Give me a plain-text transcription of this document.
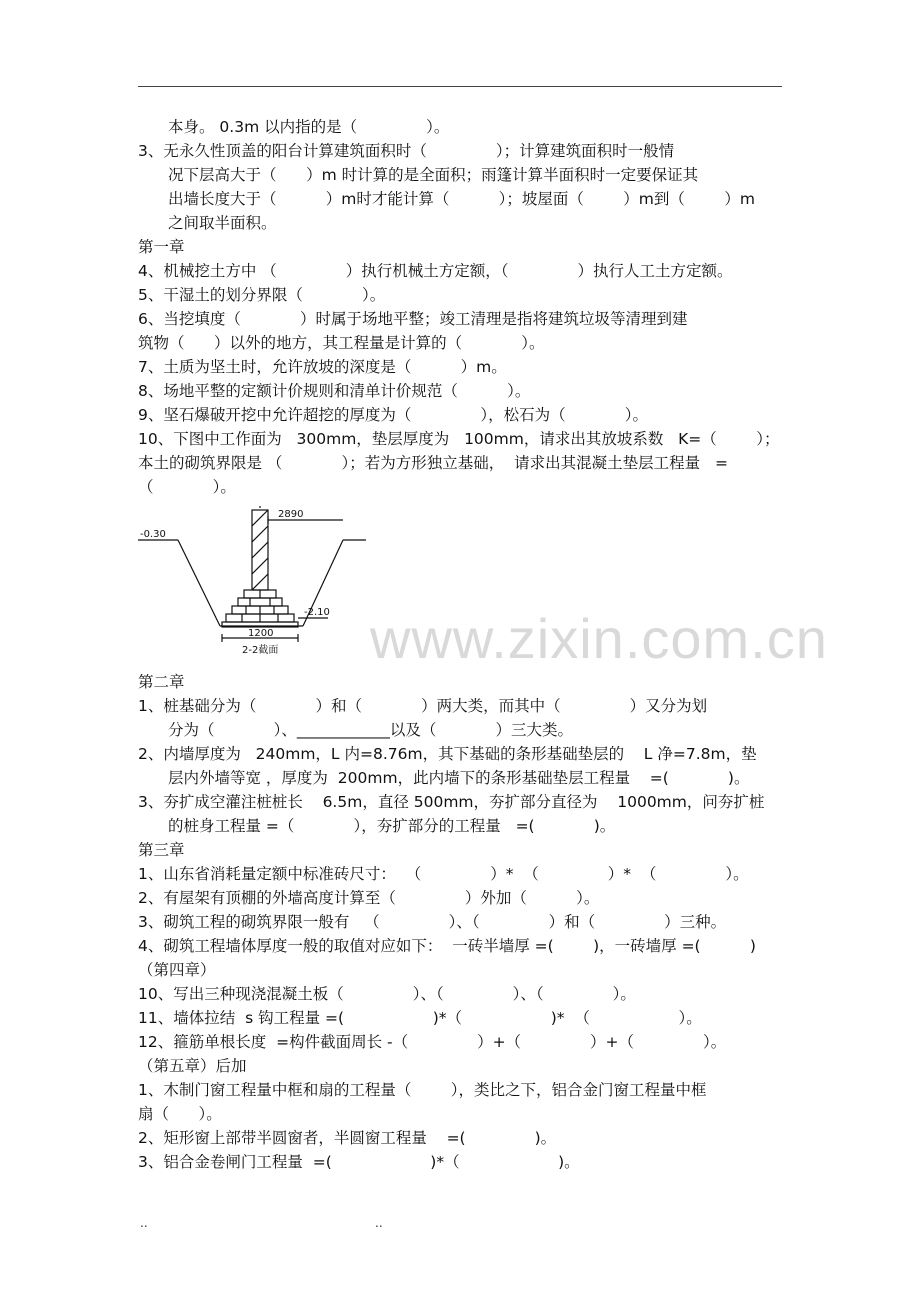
www.zixin.com.cn
本身。 0.3m 以内指的是（              ）。
3、无永久性顶盖的阳台计算建筑面积时（              ）；计算建筑面积时一般情
况下层高大于（      ）m 时计算的是全面积；雨篷计算半面积时一定要保证其
出墙长度大于（          ）m时才能计算（          ）；坡屋面（        ）m到（        ）m
之间取半面积。
第一章
4、机械挖土方中 （              ）执行机械土方定额，（              ）执行人工土方定额。
5、干湿土的划分界限（            ）。
6、当挖填度（            ）时属于场地平整；竣工清理是指将建筑垃圾等清理到建
筑物（      ）以外的地方，其工程量是计算的（            ）。
7、土质为坚土时，允许放坡的深度是（          ）m。
8、场地平整的定额计价规则和清单计价规范（          ）。
9、坚石爆破开挖中允许超挖的厚度为（              ），松石为（            ）。
10、下图中工作面为   300mm，垫层厚度为   100mm，请求出其放坡系数   K=（        ）；
本土的砌筑界限是 （            ）；若为方形独立基础，  请求出其混凝土垫层工程量   =
（            ）。
2890
-0.30
-2.10
1200
2-2截面
第二章
1、桩基础分为（            ）和（            ）两大类，而其中（              ）又分为划
分为（            ）、____________以及（            ）三大类。
2、内墙厚度为   240mm，L 内=8.76m，其下基础的条形基础垫层的    L 净=7.8m，垫
层内外墙等宽 ，厚度为  200mm，此内墙下的条形基础垫层工程量    =(            )。
3、夯扩成空灌注桩桩长    6.5m，直径 500mm，夯扩部分直径为    1000mm，问夯扩桩
的桩身工程量 =（            ），夯扩部分的工程量   =(            )。
第三章
1、山东省消耗量定额中标准砖尺寸：  （              ）*  （              ）*  （              ）。
2、有屋架有顶棚的外墙高度计算至（              ）外加（          ）。
3、砌筑工程的砌筑界限一般有   （              ）、（              ）和（              ）三种。
4、砌筑工程墙体厚度一般的取值对应如下：  一砖半墙厚 =(        )，一砖墙厚 =(          )
（第四章）
10、写出三种现浇混凝土板（              ）、（              ）、（              ）。
11、墙体拉结  s 钩工程量 =(                  )*（                  )*  （                  ）。
12、箍筋单根长度  =构件截面周长 -（              ）+（              ）+（              ）。
（第五章）后加
1、木制门窗工程量中框和扇的工程量（        ），类比之下，铝合金门窗工程量中框
扇（      ）。
2、矩形窗上部带半圆窗者，半圆窗工程量    =(              )。
3、铝合金卷闸门工程量  =(                    )*（                    )。
..	..
